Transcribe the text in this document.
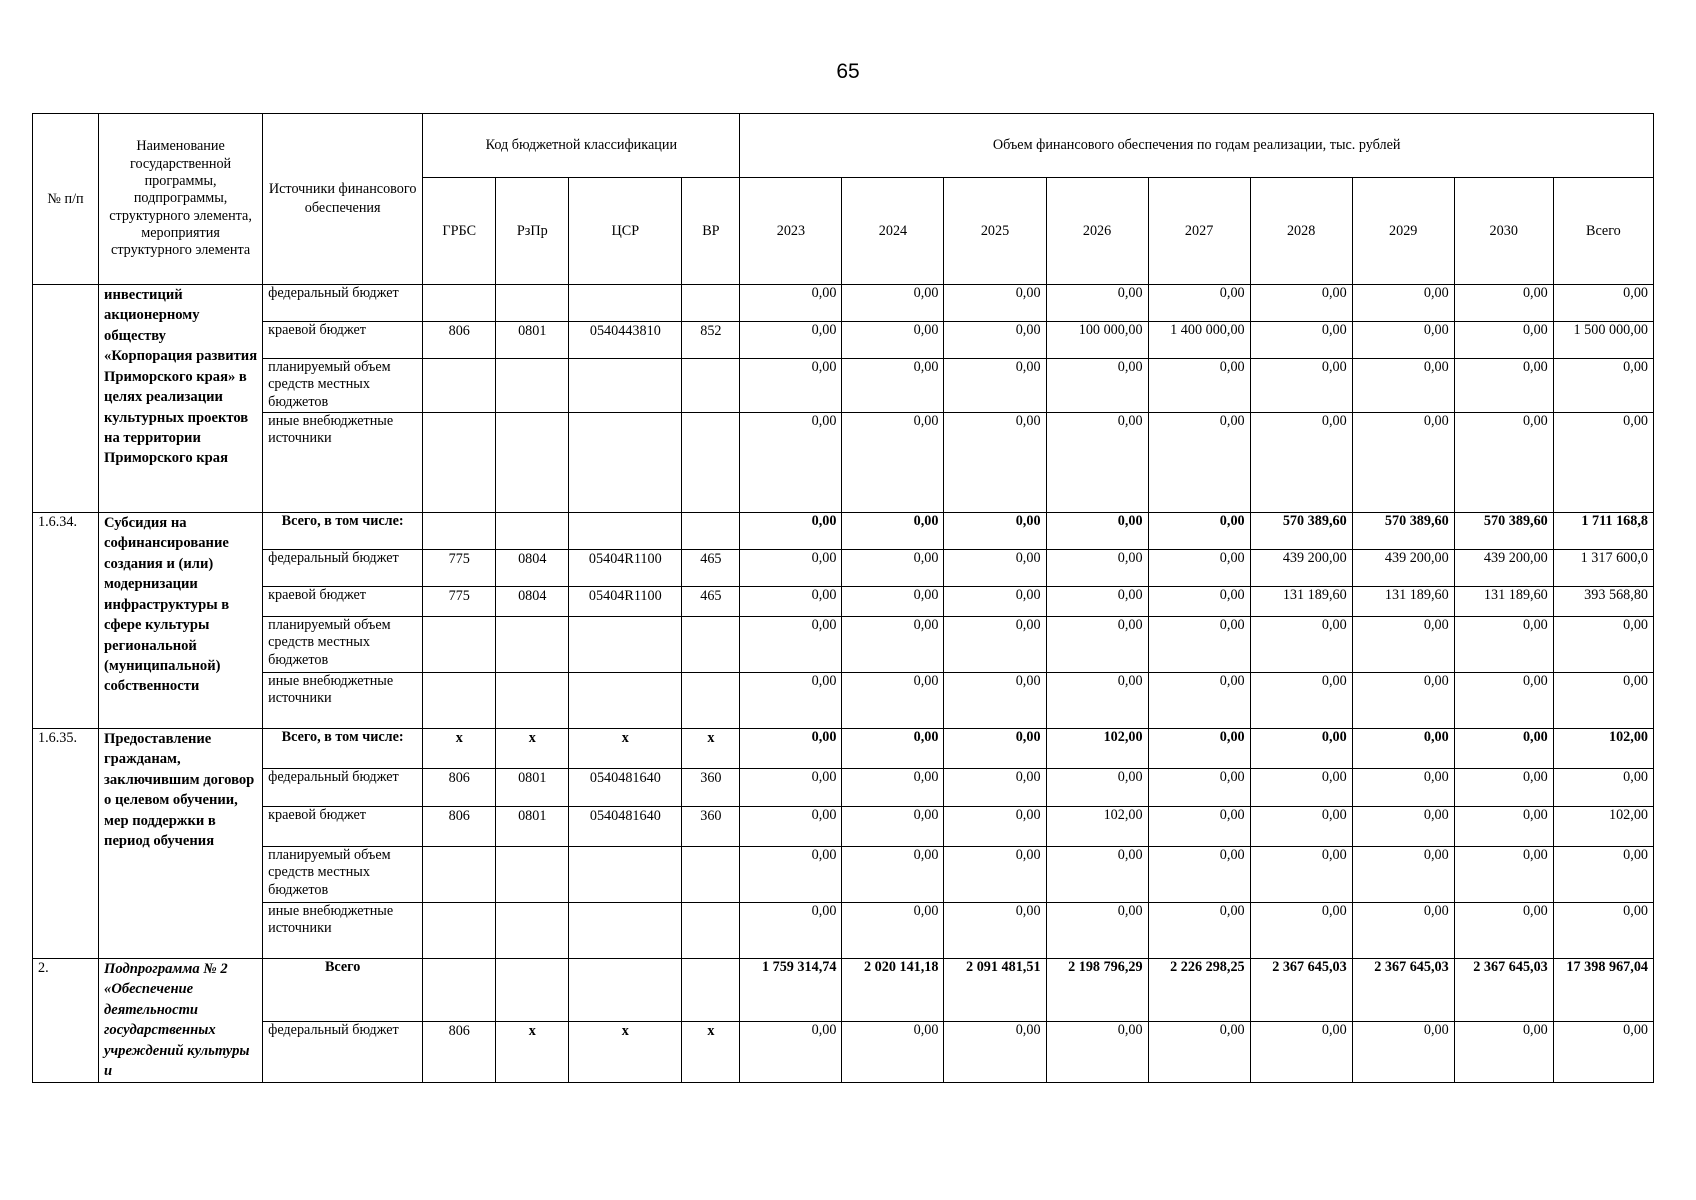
65
№ п/п	Наименование государственной программы, подпрограммы, структурного элемента, мероприятия структурного элемента	Источники финансового обеспечения	Код бюджетной классификации				Объем финансового обеспечения по годам реализации, тыс. рублей								
			ГРБС	РзПр	ЦСР	ВР	2023	2024	2025	2026	2027	2028	2029	2030	Всего
	инвестиций акционерному обществу «Корпорация развития Приморского края» в целях реализации культурных проектов на территории Приморского края	федеральный бюджет					0,00	0,00	0,00	0,00	0,00	0,00	0,00	0,00	0,00
		краевой бюджет	806	0801	0540443810	852	0,00	0,00	0,00	100 000,00	1 400 000,00	0,00	0,00	0,00	1 500 000,00
		планируемый объем средств местных бюджетов					0,00	0,00	0,00	0,00	0,00	0,00	0,00	0,00	0,00
		иные внебюджетные источники					0,00	0,00	0,00	0,00	0,00	0,00	0,00	0,00	0,00
1.6.34.	Субсидия на софинансирование создания и (или) модернизации инфраструктуры в сфере культуры региональной (муниципальной) собственности	Всего, в том числе:					0,00	0,00	0,00	0,00	0,00	570 389,60	570 389,60	570 389,60	1 711 168,8
		федеральный бюджет	775	0804	05404R1100	465	0,00	0,00	0,00	0,00	0,00	439 200,00	439 200,00	439 200,00	1 317 600,0
		краевой бюджет	775	0804	05404R1100	465	0,00	0,00	0,00	0,00	0,00	131 189,60	131 189,60	131 189,60	393 568,80
		планируемый объем средств местных бюджетов					0,00	0,00	0,00	0,00	0,00	0,00	0,00	0,00	0,00
		иные внебюджетные источники					0,00	0,00	0,00	0,00	0,00	0,00	0,00	0,00	0,00
1.6.35.	Предоставление гражданам, заключившим договор о целевом обучении, мер поддержки в период обучения	Всего, в том числе:	х	х	х	х	0,00	0,00	0,00	102,00	0,00	0,00	0,00	0,00	102,00
		федеральный бюджет	806	0801	0540481640	360	0,00	0,00	0,00	0,00	0,00	0,00	0,00	0,00	0,00
		краевой бюджет	806	0801	0540481640	360	0,00	0,00	0,00	102,00	0,00	0,00	0,00	0,00	102,00
		планируемый объем средств местных бюджетов					0,00	0,00	0,00	0,00	0,00	0,00	0,00	0,00	0,00
		иные внебюджетные источники					0,00	0,00	0,00	0,00	0,00	0,00	0,00	0,00	0,00
2.	Подпрограмма № 2 «Обеспечение деятельности государственных учреждений культуры и	Всего					1 759 314,74	2 020 141,18	2 091 481,51	2 198 796,29	2 226 298,25	2 367 645,03	2 367 645,03	2 367 645,03	17 398 967,04
		федеральный бюджет	806	х	х	х	0,00	0,00	0,00	0,00	0,00	0,00	0,00	0,00	0,00
